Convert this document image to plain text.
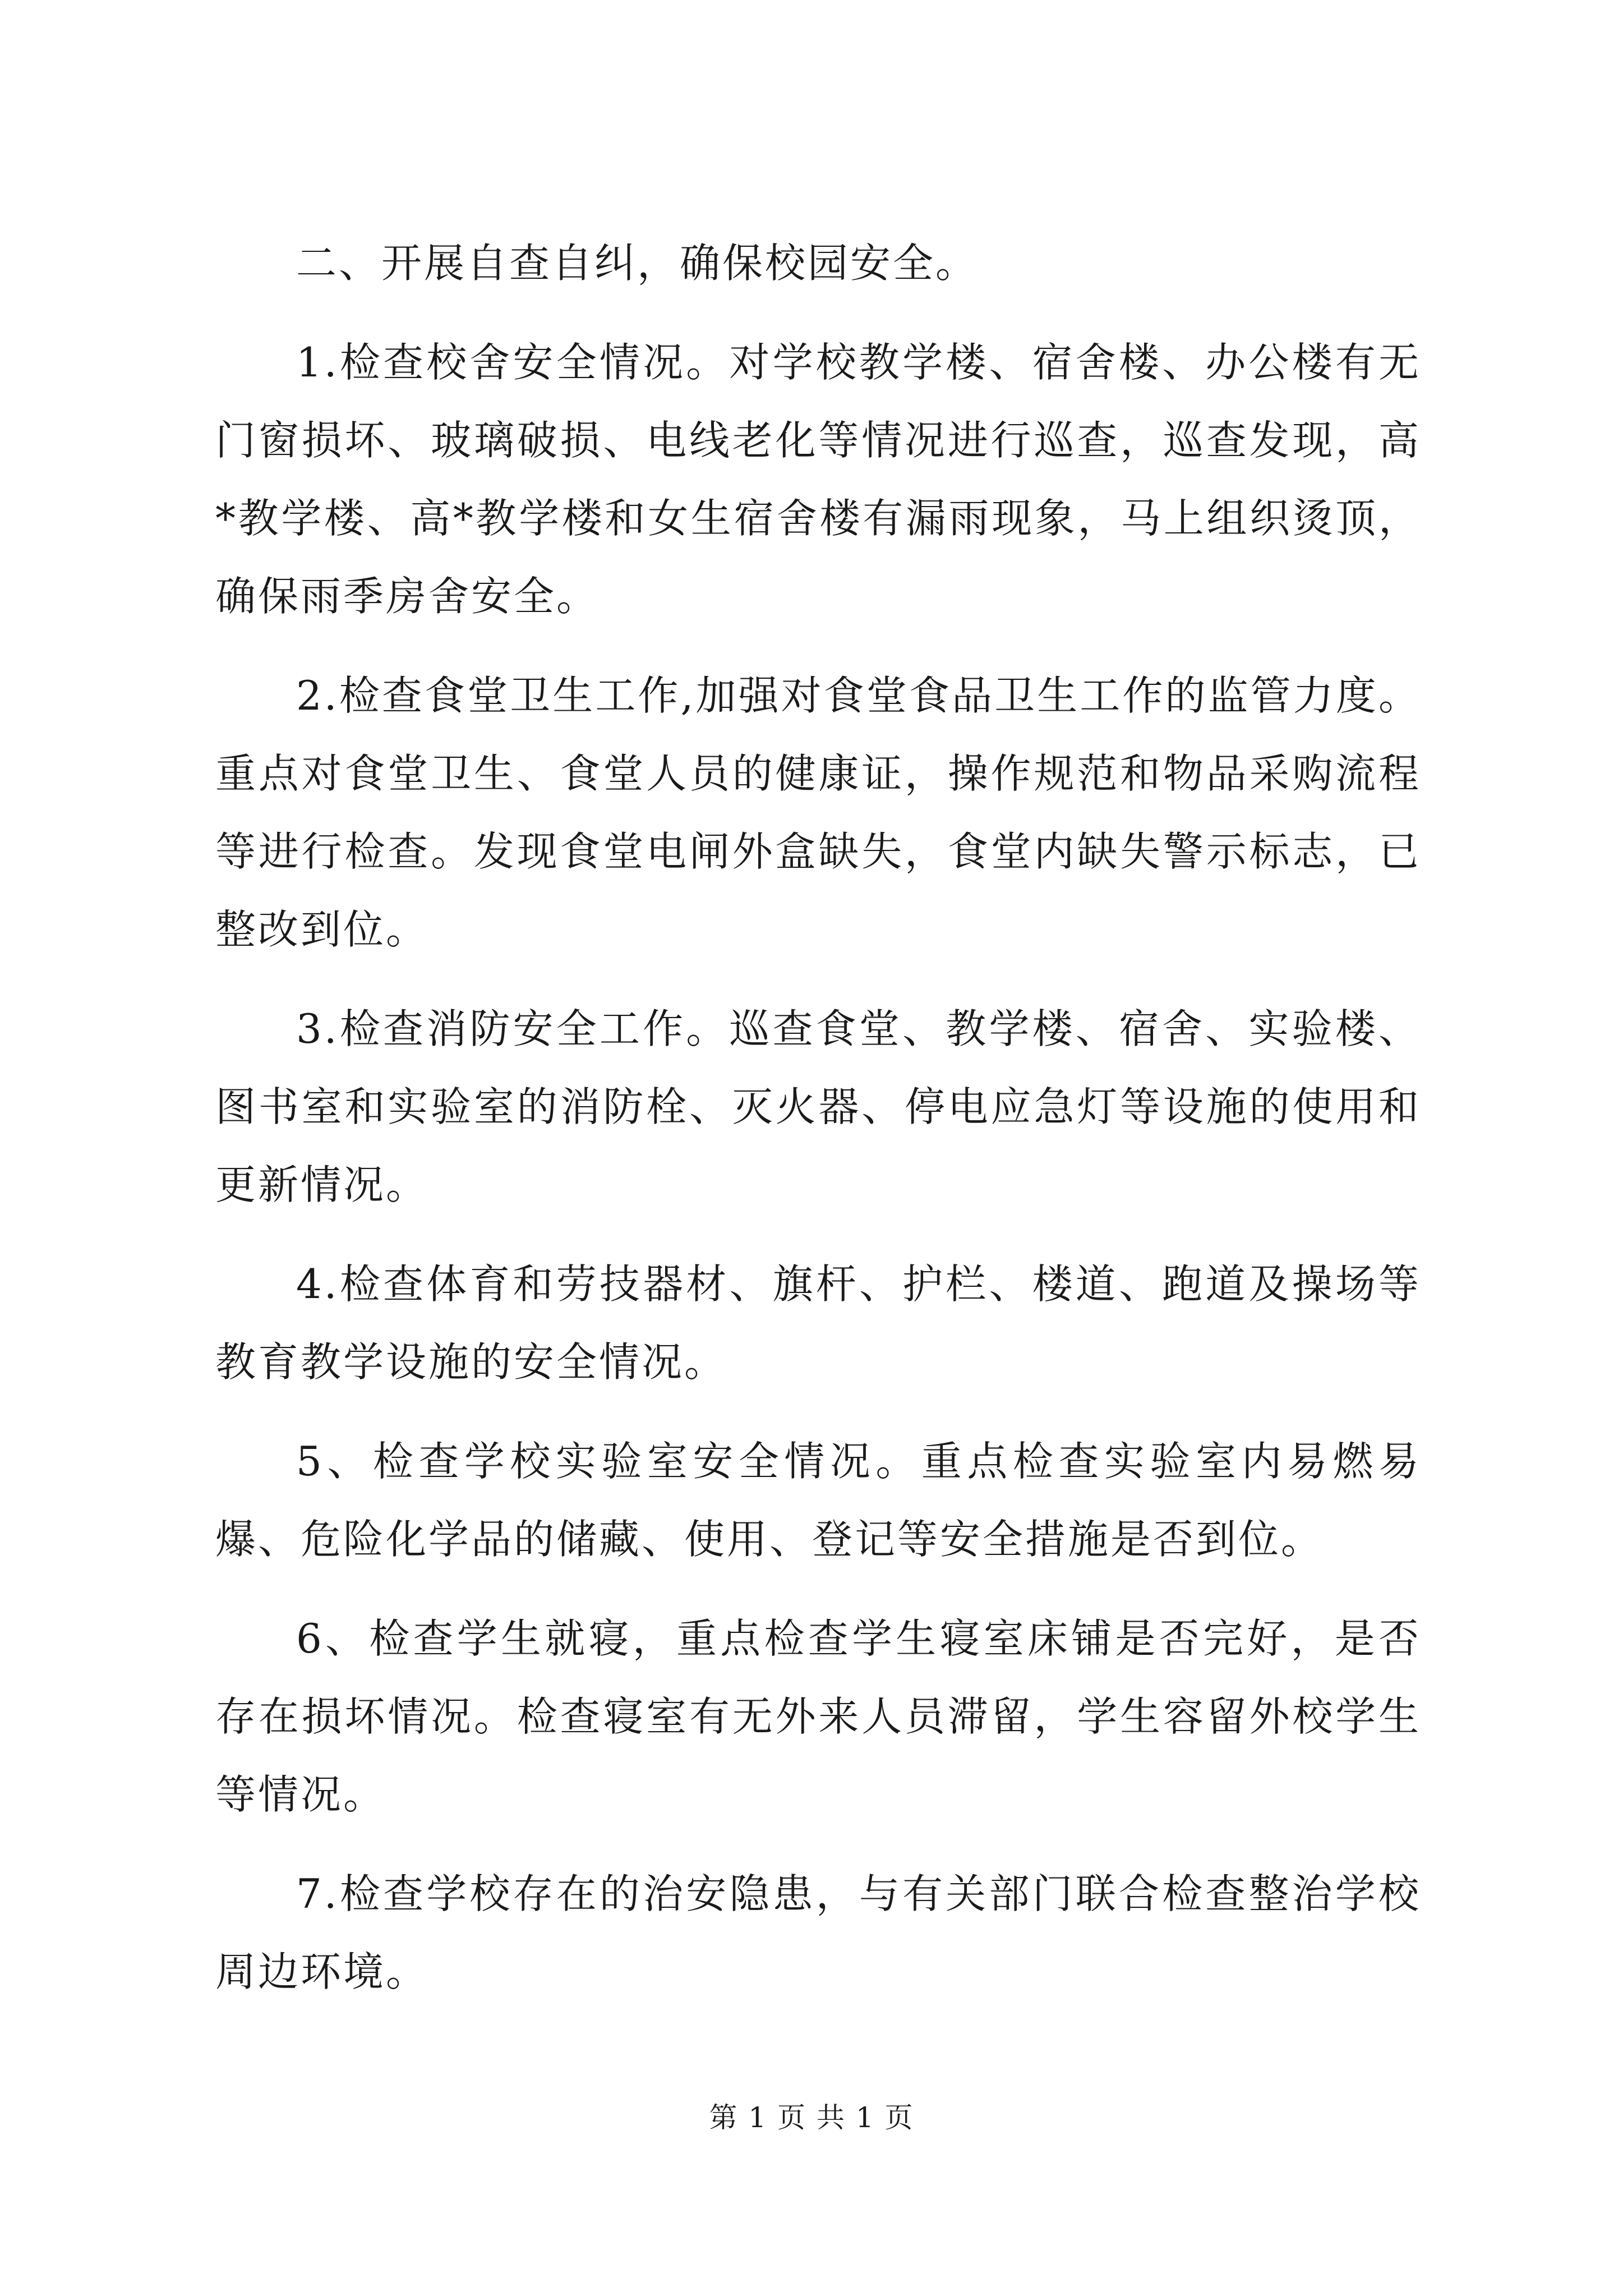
二、开展自查自纠，确保校园安全。

1.检查校舍安全情况。对学校教学楼、宿舍楼、办公楼有无门窗损坏、玻璃破损、电线老化等情况进行巡查，巡查发现，高*教学楼、高*教学楼和女生宿舍楼有漏雨现象，马上组织烫顶，确保雨季房舍安全。

2.检查食堂卫生工作,加强对食堂食品卫生工作的监管力度。重点对食堂卫生、食堂人员的健康证，操作规范和物品采购流程等进行检查。发现食堂电闸外盒缺失，食堂内缺失警示标志，已整改到位。

3.检查消防安全工作。巡查食堂、教学楼、宿舍、实验楼、图书室和实验室的消防栓、灭火器、停电应急灯等设施的使用和更新情况。

4.检查体育和劳技器材、旗杆、护栏、楼道、跑道及操场等教育教学设施的安全情况。

5、检查学校实验室安全情况。重点检查实验室内易燃易爆、危险化学品的储藏、使用、登记等安全措施是否到位。

6、检查学生就寝，重点检查学生寝室床铺是否完好，是否存在损坏情况。检查寝室有无外来人员滞留，学生容留外校学生等情况。

7.检查学校存在的治安隐患，与有关部门联合检查整治学校周边环境。

第 1 页 共 1 页
